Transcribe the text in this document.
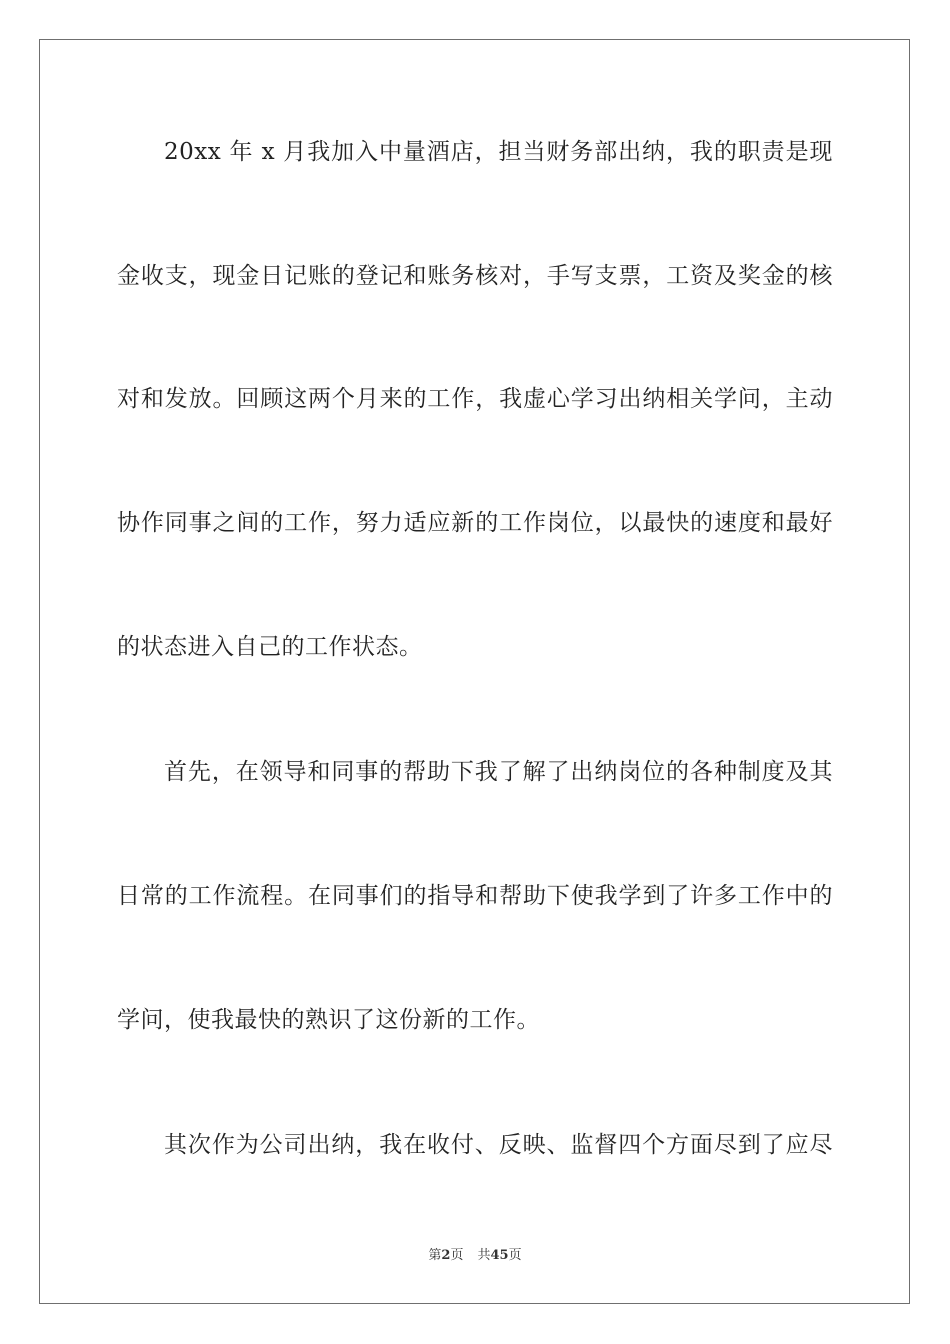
20xx 年 x 月我加入中量酒店，担当财务部出纳，我的职责是现
金收支，现金日记账的登记和账务核对，手写支票，工资及奖金的核
对和发放。回顾这两个月来的工作，我虚心学习出纳相关学问，主动
协作同事之间的工作，努力适应新的工作岗位，以最快的速度和最好
的状态进入自己的工作状态。
首先，在领导和同事的帮助下我了解了出纳岗位的各种制度及其
日常的工作流程。在同事们的指导和帮助下使我学到了许多工作中的
学问，使我最快的熟识了这份新的工作。
其次作为公司出纳，我在收付、反映、监督四个方面尽到了应尽
第2页 共45页
